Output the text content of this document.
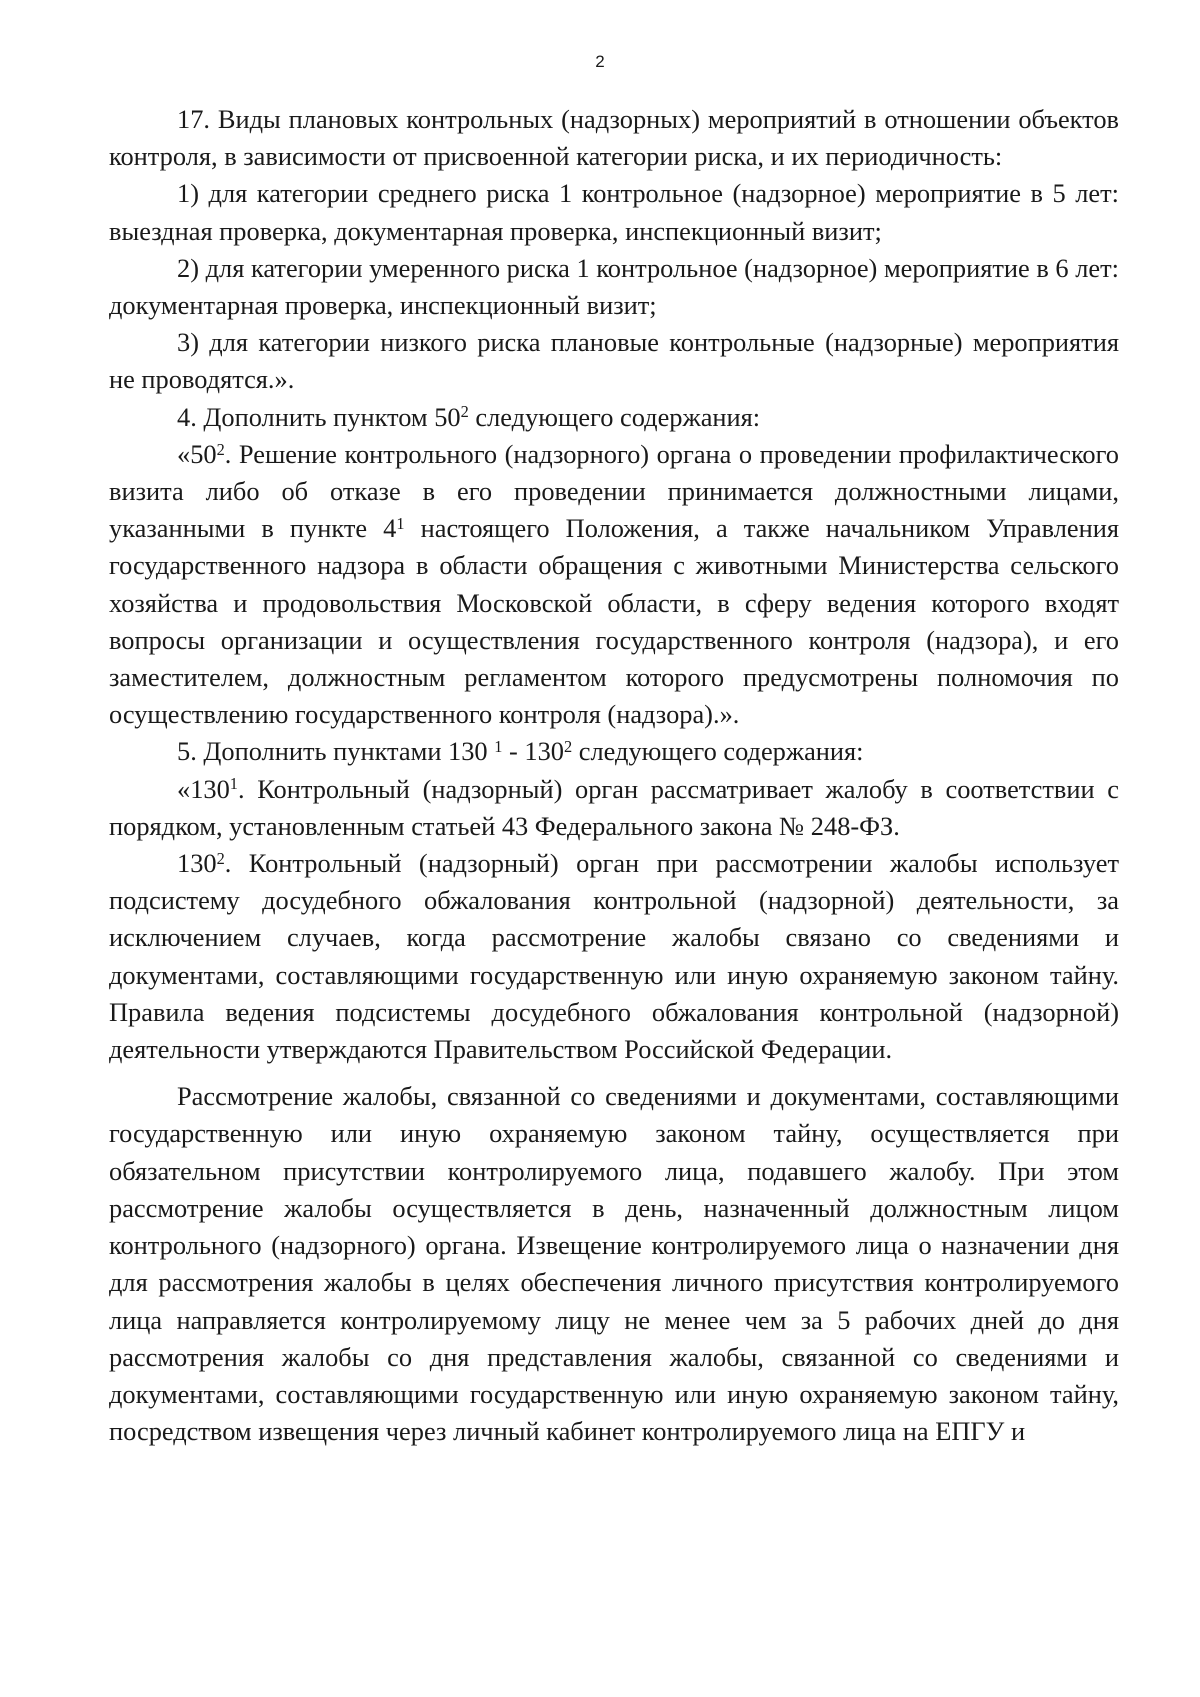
2

17. Виды плановых контрольных (надзорных) мероприятий в отношении объектов контроля, в зависимости от присвоенной категории риска, и их периодичность:

1) для категории среднего риска 1 контрольное (надзорное) мероприятие в 5 лет: выездная проверка, документарная проверка, инспекционный визит;

2) для категории умеренного риска 1 контрольное (надзорное) мероприятие в 6 лет: документарная проверка, инспекционный визит;

3) для категории низкого риска плановые контрольные (надзорные) мероприятия не проводятся.».

4. Дополнить пунктом $50^2$ следующего содержания:

«$50^2$. Решение контрольного (надзорного) органа о проведении профилактического визита либо об отказе в его проведении принимается должностными лицами, указанными в пункте $4^1$ настоящего Положения, а также начальником Управления государственного надзора в области обращения с животными Министерства сельского хозяйства и продовольствия Московской области, в сферу ведения которого входят вопросы организации и осуществления государственного контроля (надзора), и его заместителем, должностным регламентом которого предусмотрены полномочия по осуществлению государственного контроля (надзора).».

5. Дополнить пунктами 130 $^1 - 130^2$ следующего содержания:

«$130^1$. Контрольный (надзорный) орган рассматривает жалобу в соответствии с порядком, установленным статьей 43 Федерального закона № 248-ФЗ.

$130^2$. Контрольный (надзорный) орган при рассмотрении жалобы использует подсистему досудебного обжалования контрольной (надзорной) деятельности, за исключением случаев, когда рассмотрение жалобы связано со сведениями и документами, составляющими государственную или иную охраняемую законом тайну. Правила ведения подсистемы досудебного обжалования контрольной (надзорной) деятельности утверждаются Правительством Российской Федерации.

Рассмотрение жалобы, связанной со сведениями и документами, составляющими государственную или иную охраняемую законом тайну, осуществляется при обязательном присутствии контролируемого лица, подавшего жалобу. При этом рассмотрение жалобы осуществляется в день, назначенный должностным лицом контрольного (надзорного) органа. Извещение контролируемого лица о назначении дня для рассмотрения жалобы в целях обеспечения личного присутствия контролируемого лица направляется контролируемому лицу не менее чем за 5 рабочих дней до дня рассмотрения жалобы со дня представления жалобы, связанной со сведениями и документами, составляющими государственную или иную охраняемую законом тайну, посредством извещения через личный кабинет контролируемого лица на ЕПГУ и
